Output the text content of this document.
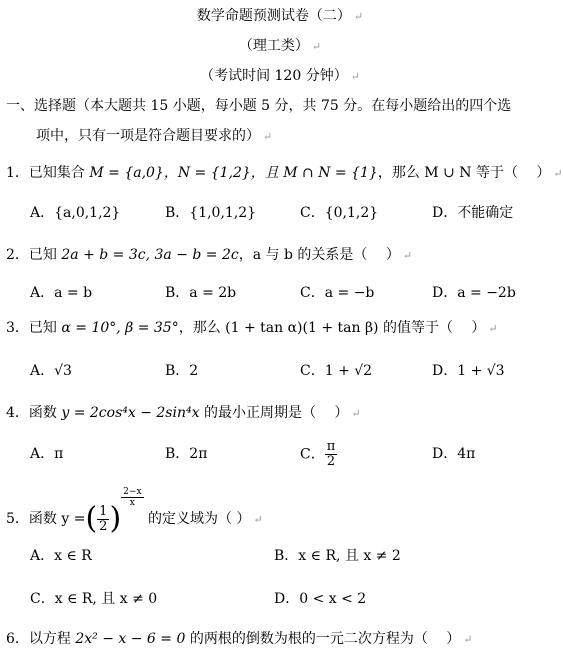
数学命题预测试卷（二） ↵
（理工类） ↵
（考试时间 120 分钟） ↵
一、选择题（本大题共 15 小题，每小题 5 分，共 75 分。在每小题给出的四个选
项中，只有一项是符合题目要求的） ↵
1．已知集合 M = {a,0}，N = {1,2}，且 M ∩ N = {1}，那么 M ∪ N 等于（　 ） ↵
A．{a,0,1,2}	B．{1,0,1,2}	C．{0,1,2}	D．不能确定
2．已知 2a + b = 3c, 3a − b = 2c，a 与 b 的关系是（　 ） ↵
A．a = b	B．a = 2b	C．a = −b	D．a = −2b
3．已知 α = 10°, β = 35°，那么 (1 + tan α)(1 + tan β) 的值等于（　 ） ↵
A．√3	B．2	C．1 + √2	D．1 + √3
4．函数 y = 2cos⁴x − 2sin⁴x 的最小正周期是（　 ） ↵
A．π	B．2π	C． $\frac{\pi}{2}$	D．4π
5．函数 y =( $\frac{1}{2}$ )
$\frac{2-x}{x}$
的定义域为（ ） ↵
A．x ∈ R	B．x ∈ R, 且 x ≠ 2
C．x ∈ R, 且 x ≠ 0	D．0 < x < 2
6．以方程 2x² − x − 6 = 0 的两根的倒数为根的一元二次方程为（　 ） ↵
